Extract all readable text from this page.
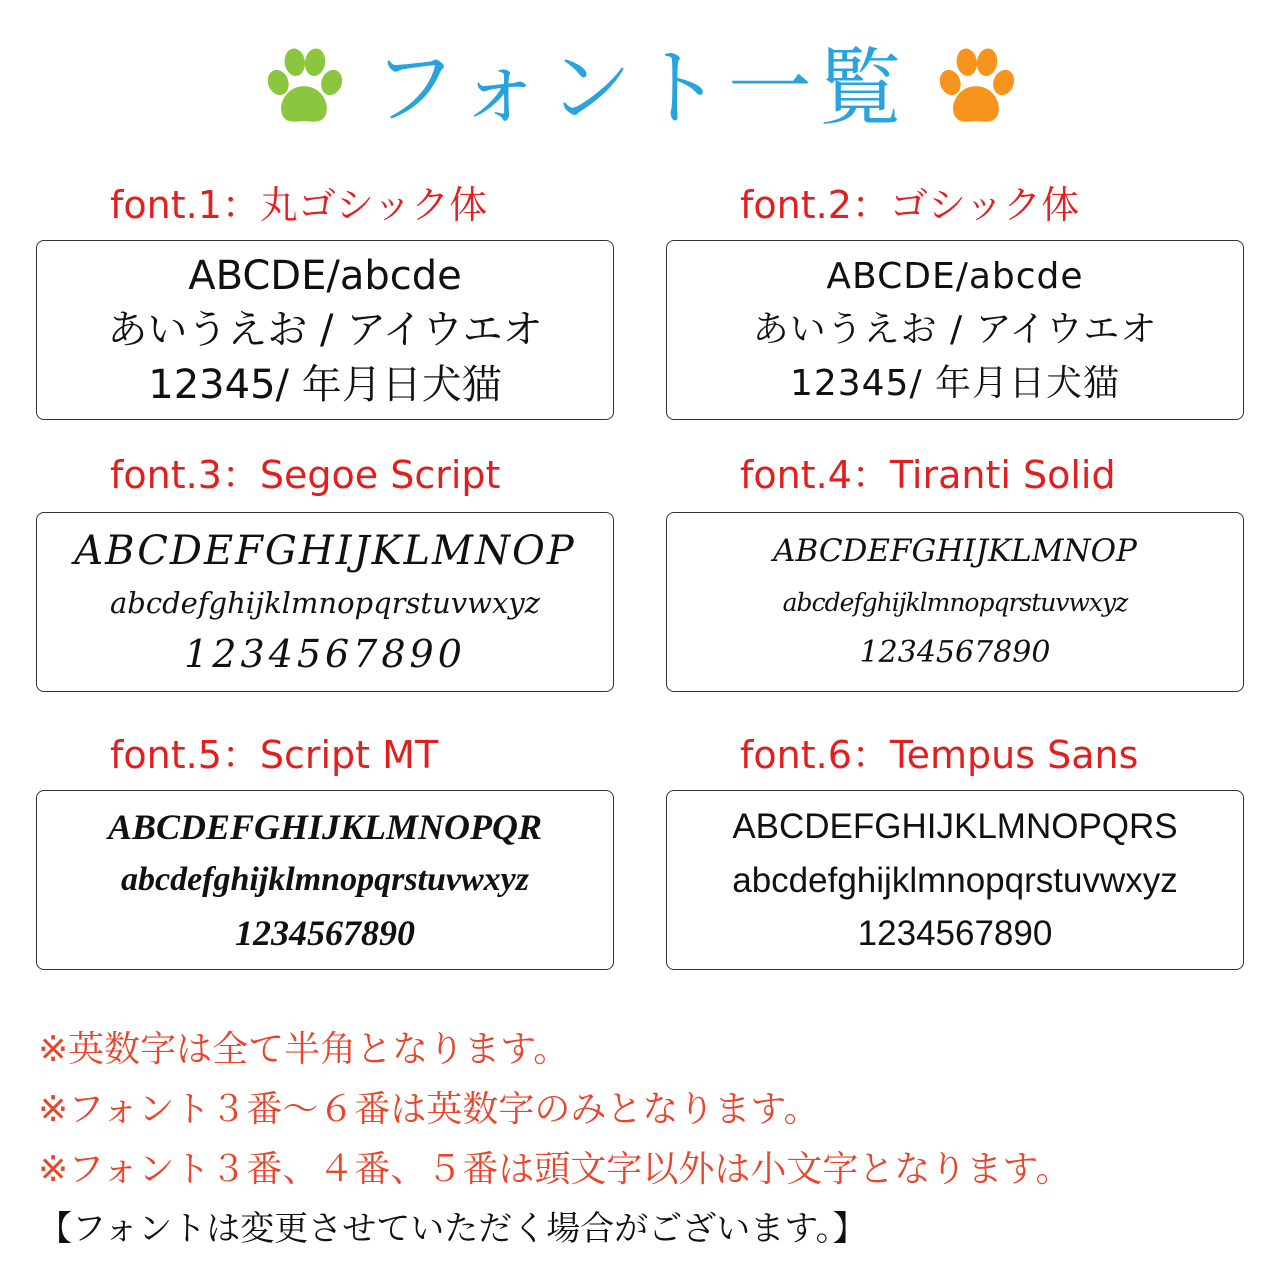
フォント一覧
font.1：丸ゴシック体
ABCDE/abcde
あいうえお / アイウエオ
12345/ 年月日犬猫
font.2：ゴシック体
ABCDE/abcde
あいうえお / アイウエオ
12345/ 年月日犬猫
font.3：Segoe Script
ABCDEFGHIJKLMNOP
abcdefghijklmnopqrstuvwxyz
1234567890
font.4：Tiranti Solid
ABCDEFGHIJKLMNOP
abcdefghijklmnopqrstuvwxyz
1234567890
font.5：Script MT
ABCDEFGHIJKLMNOPQR
abcdefghijklmnopqrstuvwxyz
1234567890
font.6：Tempus Sans
ABCDEFGHIJKLMNOPQRS
abcdefghijklmnopqrstuvwxyz
1234567890
※英数字は全て半角となります。
※フォント３番～６番は英数字のみとなります。
※フォント３番、４番、５番は頭文字以外は小文字となります。
【フォントは変更させていただく場合がございます。】
